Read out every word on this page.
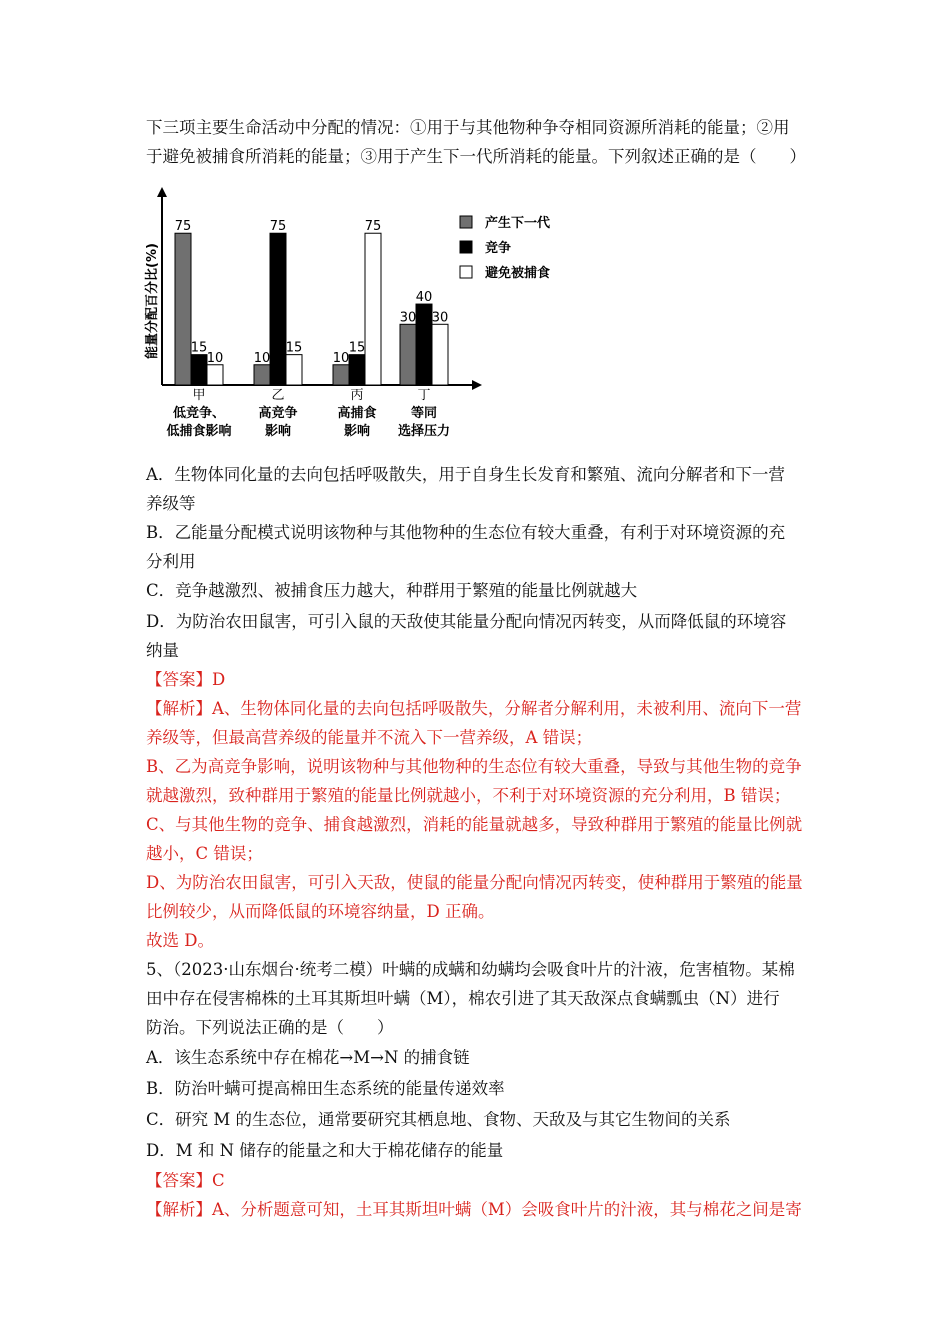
下三项主要生命活动中分配的情况：①用于与其他物种争夺相同资源所消耗的能量；②用
于避免被捕食所消耗的能量；③用于产生下一代所消耗的能量。下列叙述正确的是（　　）
能量分配百分比(%)
75
15
10 10
75
15
10
15
75
30
40
30
甲
低竞争、
低捕食影响
乙
高竞争
影响
丙
高捕食
影响
丁
等同
选择压力
产生下一代
竞争
避免被捕食
A．生物体同化量的去向包括呼吸散失，用于自身生长发育和繁殖、流向分解者和下一营
养级等
B．乙能量分配模式说明该物种与其他物种的生态位有较大重叠，有利于对环境资源的充
分利用
C．竞争越激烈、被捕食压力越大，种群用于繁殖的能量比例就越大
D．为防治农田鼠害，可引入鼠的天敌使其能量分配向情况丙转变，从而降低鼠的环境容
纳量
【答案】D
【解析】A、生物体同化量的去向包括呼吸散失，分解者分解利用，未被利用、流向下一营
养级等，但最高营养级的能量并不流入下一营养级，A 错误；
B、乙为高竞争影响，说明该物种与其他物种的生态位有较大重叠，导致与其他生物的竞争
就越激烈，致种群用于繁殖的能量比例就越小，不利于对环境资源的充分利用，B 错误；
C、与其他生物的竞争、捕食越激烈，消耗的能量就越多，导致种群用于繁殖的能量比例就
越小，C 错误；
D、为防治农田鼠害，可引入天敌，使鼠的能量分配向情况丙转变，使种群用于繁殖的能量
比例较少，从而降低鼠的环境容纳量，D 正确。
故选 D。
5、（2023·山东烟台·统考二模）叶螨的成螨和幼螨均会吸食叶片的汁液，危害植物。某棉
田中存在侵害棉株的土耳其斯坦叶螨（M），棉农引进了其天敌深点食螨瓢虫（N）进行
防治。下列说法正确的是（　　）
A．该生态系统中存在棉花→M→N 的捕食链
B．防治叶螨可提高棉田生态系统的能量传递效率
C．研究 M 的生态位，通常要研究其栖息地、食物、天敌及与其它生物间的关系
D．M 和 N 储存的能量之和大于棉花储存的能量
【答案】C
【解析】A、分析题意可知，土耳其斯坦叶螨（M）会吸食叶片的汁液，其与棉花之间是寄
